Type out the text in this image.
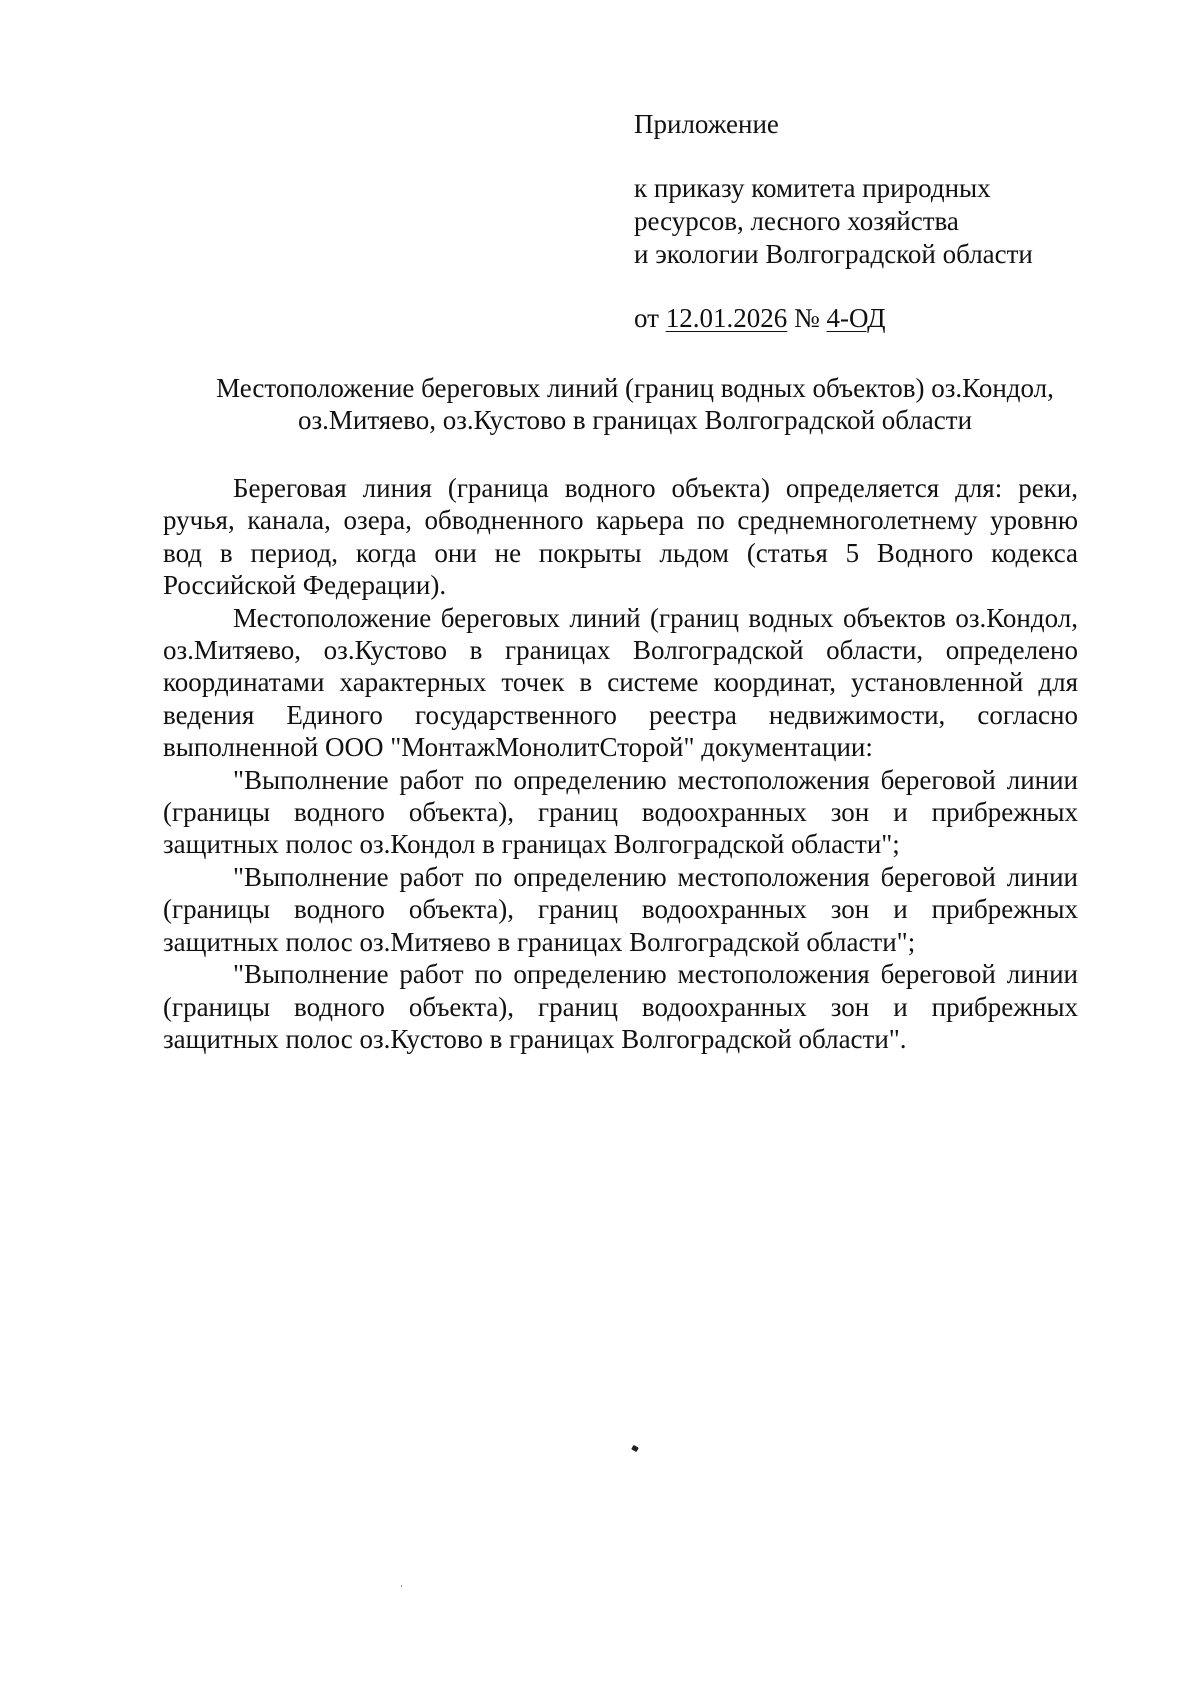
Приложение

к приказу комитета природных
ресурсов, лесного хозяйства
и экологии Волгоградской области

от 12.01.2026 № 4-ОД

Местоположение береговых линий (границ водных объектов) оз.Кондол,
оз.Митяево, оз.Кустово в границах Волгоградской области

Береговая линия (граница водного объекта) определяется для: реки, ручья, канала, озера, обводненного карьера по среднемноголетнему уровню вод в период, когда они не покрыты льдом (статья 5 Водного кодекса Российской Федерации).

Местоположение береговых линий (границ водных объектов оз.Кондол, оз.Митяево, оз.Кустово в границах Волгоградской области, определено координатами характерных точек в системе координат, установленной для ведения Единого государственного реестра недвижимости, согласно выполненной ООО "МонтажМонолитСторой" документации:

"Выполнение работ по определению местоположения береговой линии (границы водного объекта), границ водоохранных зон и прибрежных защитных полос оз.Кондол в границах Волгоградской области";

"Выполнение работ по определению местоположения береговой линии (границы водного объекта), границ водоохранных зон и прибрежных защитных полос оз.Митяево в границах Волгоградской области";

"Выполнение работ по определению местоположения береговой линии (границы водного объекта), границ водоохранных зон и прибрежных защитных полос оз.Кустово в границах Волгоградской области".
